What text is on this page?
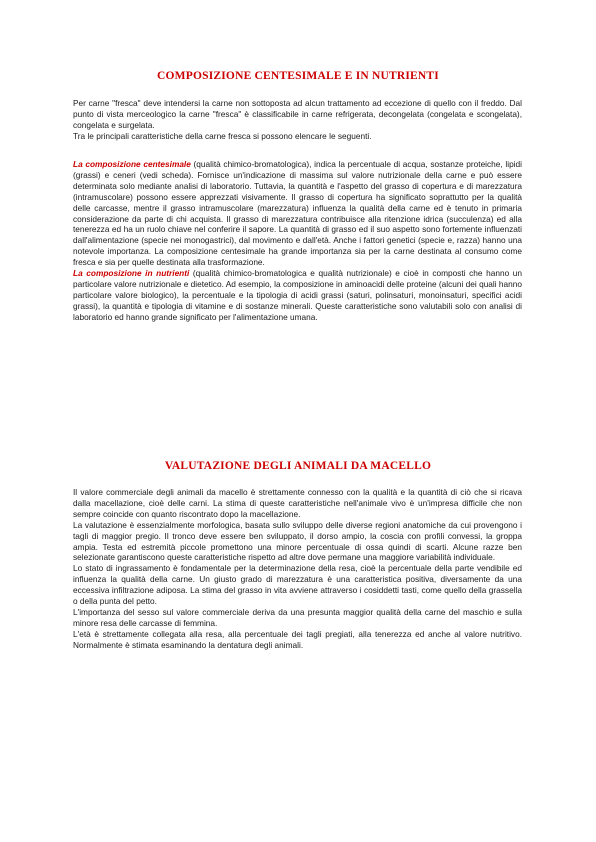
COMPOSIZIONE CENTESIMALE E IN NUTRIENTI

Per carne "fresca" deve intendersi la carne non sottoposta ad alcun trattamento ad eccezione di quello con il freddo. Dal punto di vista merceologico la carne "fresca" è classificabile in carne refrigerata, decongelata (congelata e scongelata), congelata e surgelata.

Tra le principali caratteristiche della carne fresca si possono elencare le seguenti.

La composizione centesimale (qualità chimico-bromatologica), indica la percentuale di acqua, sostanze proteiche, lipidi (grassi) e ceneri (vedi scheda). Fornisce un'indicazione di massima sul valore nutrizionale della carne e può essere determinata solo mediante analisi di laboratorio. Tuttavia, la quantità e l'aspetto del grasso di copertura e di marezzatura (intramuscolare) possono essere apprezzati visivamente. Il grasso di copertura ha significato soprattutto per la qualità delle carcasse, mentre il grasso intramuscolare (marezzatura) influenza la qualità della carne ed è tenuto in primaria considerazione da parte di chi acquista. Il grasso di marezzatura contribuisce alla ritenzione idrica (succulenza) ed alla tenerezza ed ha un ruolo chiave nel conferire il sapore. La quantità di grasso ed il suo aspetto sono fortemente influenzati dall'alimentazione (specie nei monogastrici), dal movimento e dall'età. Anche i fattori genetici (specie e, razza) hanno una notevole importanza. La composizione centesimale ha grande importanza sia per la carne destinata al consumo come fresca e sia per quelle destinata alla trasformazione.

La composizione in nutrienti (qualità chimico-bromatologica e qualità nutrizionale) e cioè in composti che hanno un particolare valore nutrizionale e dietetico. Ad esempio, la composizione in aminoacidi delle proteine (alcuni dei quali hanno particolare valore biologico), la percentuale e la tipologia di acidi grassi (saturi, polinsaturi, monoinsaturi, specifici acidi grassi), la quantità e tipologia di vitamine e di sostanze minerali. Queste caratteristiche sono valutabili solo con analisi di laboratorio ed hanno grande significato per l'alimentazione umana.

VALUTAZIONE DEGLI ANIMALI DA MACELLO

Il valore commerciale degli animali da macello è strettamente connesso con la qualità e la quantità di ciò che si ricava dalla macellazione, cioè delle carni. La stima di queste caratteristiche nell'animale vivo è un'impresa difficile che non sempre coincide con quanto riscontrato dopo la macellazione.

La valutazione è essenzialmente morfologica, basata sullo sviluppo delle diverse regioni anatomiche da cui provengono i tagli di maggior pregio. Il tronco deve essere ben sviluppato, il dorso ampio, la coscia con profili convessi, la groppa ampia. Testa ed estremità piccole promettono una minore percentuale di ossa quindi di scarti. Alcune razze ben selezionate garantiscono queste caratteristiche rispetto ad altre dove permane una maggiore variabilità individuale.

Lo stato di ingrassamento è fondamentale per la determinazione della resa, cioè la percentuale della parte vendibile ed influenza la qualità della carne. Un giusto grado di marezzatura è una caratteristica positiva, diversamente da una eccessiva infiltrazione adiposa. La stima del grasso in vita avviene attraverso i cosiddetti tasti, come quello della grassella o della punta del petto.

L'importanza del sesso sul valore commerciale deriva da una presunta maggior qualità della carne del maschio e sulla minore resa delle carcasse di femmina.

L'età è strettamente collegata alla resa, alla percentuale dei tagli pregiati, alla tenerezza ed anche al valore nutritivo. Normalmente è stimata esaminando la dentatura degli animali.
